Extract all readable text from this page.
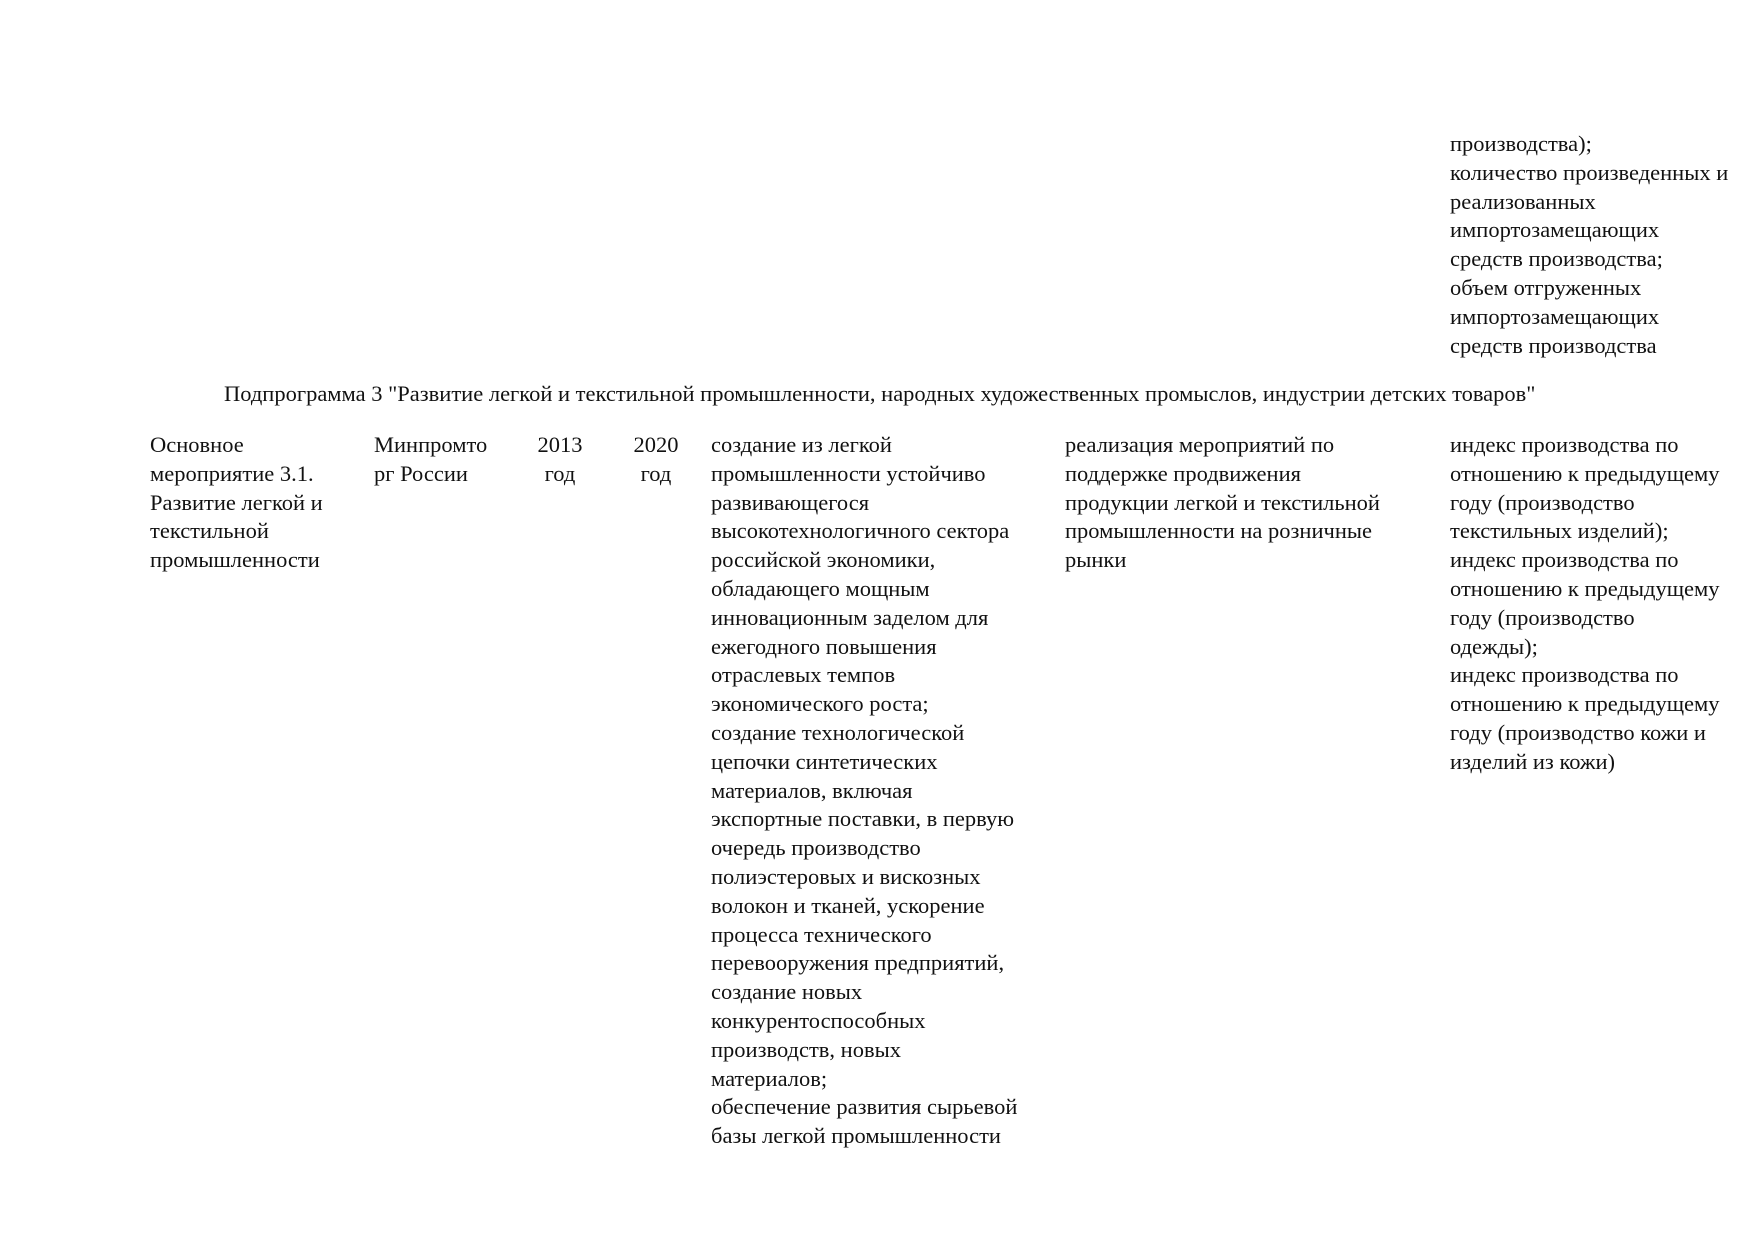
производства);
количество произведенных и
реализованных
импортозамещающих
средств производства;
объем отгруженных
импортозамещающих
средств производства
Подпрограмма 3 "Развитие легкой и текстильной промышленности, народных художественных промыслов, индустрии детских товаров"
Основное
мероприятие 3.1.
Развитие легкой и
текстильной
промышленности
Минпромто
рг России
2013
год
2020
год
создание из легкой
промышленности устойчиво
развивающегося
высокотехнологичного сектора
российской экономики,
обладающего мощным
инновационным заделом для
ежегодного повышения
отраслевых темпов
экономического роста;
создание технологической
цепочки синтетических
материалов, включая
экспортные поставки, в первую
очередь производство
полиэстеровых и вискозных
волокон и тканей, ускорение
процесса технического
перевооружения предприятий,
создание новых
конкурентоспособных
производств, новых
материалов;
обеспечение развития сырьевой
базы легкой промышленности
реализация мероприятий по
поддержке продвижения
продукции легкой и текстильной
промышленности на розничные
рынки
индекс производства по
отношению к предыдущему
году (производство
текстильных изделий);
индекс производства по
отношению к предыдущему
году (производство
одежды);
индекс производства по
отношению к предыдущему
году (производство кожи и
изделий из кожи)
